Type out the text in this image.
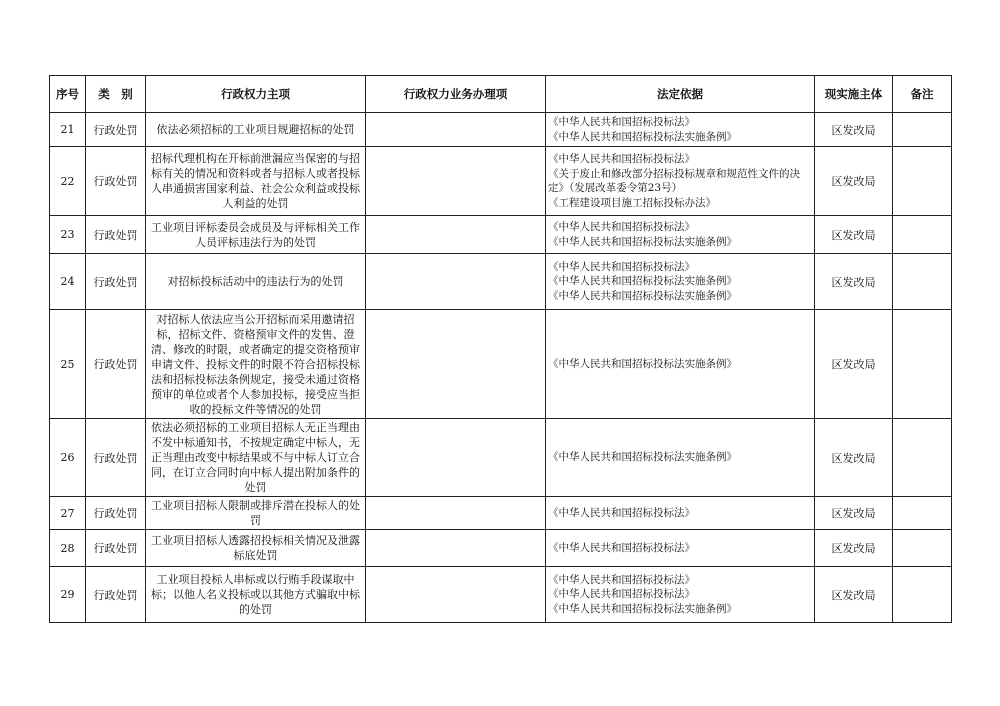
序号	类　别	行政权力主项	行政权力业务办理项	法定依据	现实施主体	备注
21	行政处罚	依法必须招标的工业项目规避招标的处罚		《中华人民共和国招标投标法》
《中华人民共和国招标投标法实施条例》	区发改局	
22	行政处罚	招标代理机构在开标前泄漏应当保密的与招标有关的情况和资料或者与招标人或者投标人串通损害国家利益、社会公众利益或投标人利益的处罚		《中华人民共和国招标投标法》
《关于废止和修改部分招标投标规章和规范性文件的决定》（发展改革委令第23号）
《工程建设项目施工招标投标办法》	区发改局	
23	行政处罚	工业项目评标委员会成员及与评标相关工作人员评标违法行为的处罚		《中华人民共和国招标投标法》
《中华人民共和国招标投标法实施条例》	区发改局	
24	行政处罚	对招标投标活动中的违法行为的处罚		《中华人民共和国招标投标法》
《中华人民共和国招标投标法实施条例》
《中华人民共和国招标投标法实施条例》	区发改局	
25	行政处罚	对招标人依法应当公开招标而采用邀请招标，招标文件、资格预审文件的发售、澄清、修改的时限，或者确定的提交资格预审申请文件、投标文件的时限不符合招标投标法和招标投标法条例规定，接受未通过资格预审的单位或者个人参加投标，接受应当拒收的投标文件等情况的处罚		《中华人民共和国招标投标法实施条例》	区发改局	
26	行政处罚	依法必须招标的工业项目招标人无正当理由不发中标通知书，不按规定确定中标人，无正当理由改变中标结果或不与中标人订立合同，在订立合同时向中标人提出附加条件的处罚		《中华人民共和国招标投标法实施条例》	区发改局	
27	行政处罚	工业项目招标人限制或排斥潜在投标人的处罚		《中华人民共和国招标投标法》	区发改局	
28	行政处罚	工业项目招标人透露招投标相关情况及泄露标底处罚		《中华人民共和国招标投标法》	区发改局	
29	行政处罚	工业项目投标人串标或以行贿手段谋取中标；以他人名义投标或以其他方式骗取中标的处罚		《中华人民共和国招标投标法》
《中华人民共和国招标投标法》
《中华人民共和国招标投标法实施条例》	区发改局	
